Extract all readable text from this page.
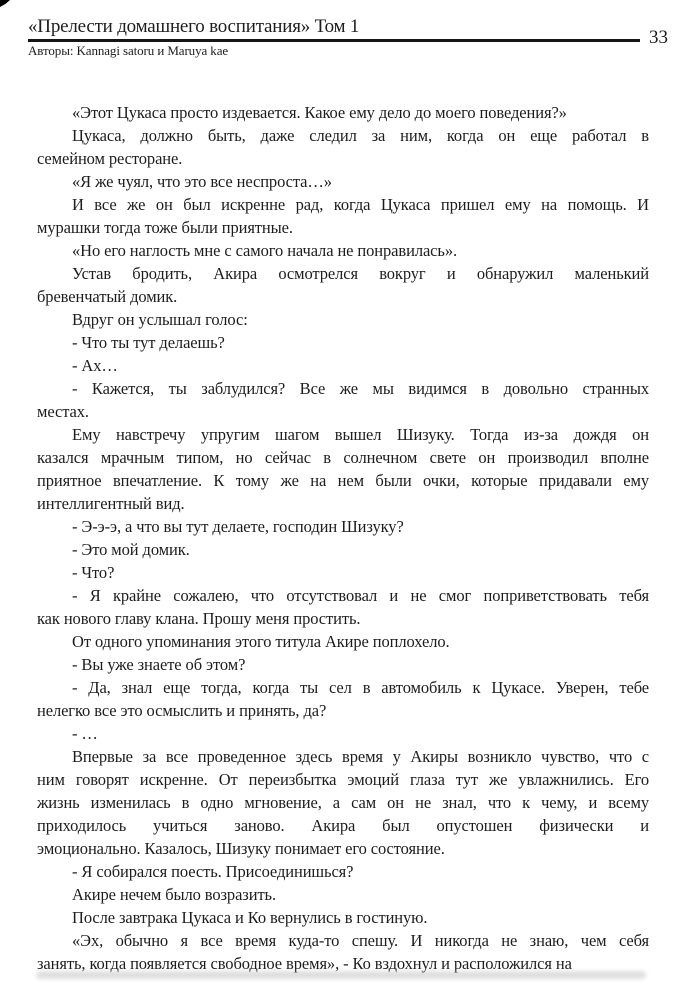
«Прелести домашнего воспитания» Том 1
33
Авторы: Kannagi satoru и Maruya kae
«Этот Цукаса просто издевается. Какое ему дело до моего поведения?»
Цукаса, должно быть, даже следил за ним, когда он еще работал в
семейном ресторане.
«Я же чуял, что это все неспроста…»
И все же он был искренне рад, когда Цукаса пришел ему на помощь. И
мурашки тогда тоже были приятные.
«Но его наглость мне с самого начала не понравилась».
Устав бродить, Акира осмотрелся вокруг и обнаружил маленький
бревенчатый домик.
Вдруг он услышал голос:
- Что ты тут делаешь?
- Ах…
- Кажется, ты заблудился? Все же мы видимся в довольно странных
местах.
Ему навстречу упругим шагом вышел Шизуку. Тогда из-за дождя он
казался мрачным типом, но сейчас в солнечном свете он производил вполне
приятное впечатление. К тому же на нем были очки, которые придавали ему
интеллигентный вид.
- Э-э-э, а что вы тут делаете, господин Шизуку?
- Это мой домик.
- Что?
- Я крайне сожалею, что отсутствовал и не смог поприветствовать тебя
как нового главу клана. Прошу меня простить.
От одного упоминания этого титула Акире поплохело.
- Вы уже знаете об этом?
- Да, знал еще тогда, когда ты сел в автомобиль к Цукасе. Уверен, тебе
нелегко все это осмыслить и принять, да?
- …
Впервые за все проведенное здесь время у Акиры возникло чувство, что с
ним говорят искренне. От переизбытка эмоций глаза тут же увлажнились. Его
жизнь изменилась в одно мгновение, а сам он не знал, что к чему, и всему
приходилось учиться заново. Акира был опустошен физически и
эмоционально. Казалось, Шизуку понимает его состояние.
- Я собирался поесть. Присоединишься?
Акире нечем было возразить.
После завтрака Цукаса и Ко вернулись в гостиную.
«Эх, обычно я все время куда-то спешу. И никогда не знаю, чем себя
занять, когда появляется свободное время», - Ко вздохнул и расположился на
